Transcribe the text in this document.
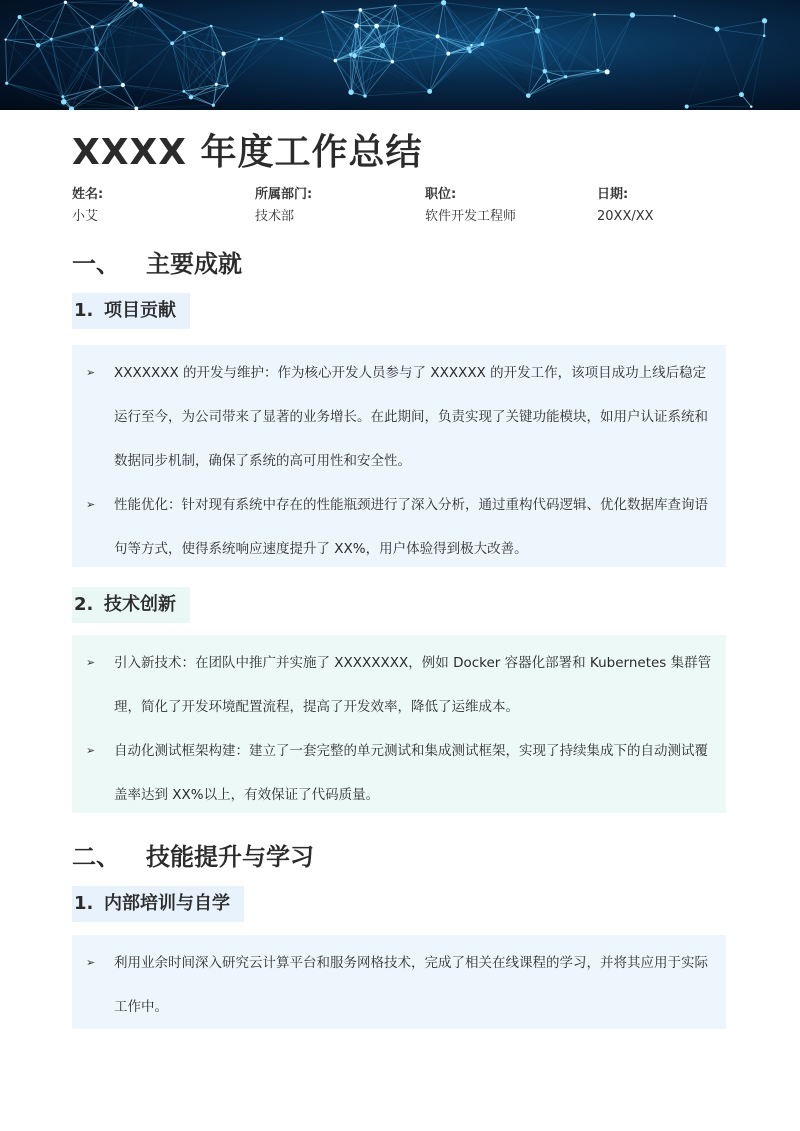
XXXX 年度工作总结
姓名:
小艾
所属部门:
技术部
职位:
软件开发工程师
日期:
20XX/XX
一、 主要成就
1. 项目贡献
➢ XXXXXXX 的开发与维护：作为核心开发人员参与了 XXXXXX 的开发工作，该项目成功上线后稳定运行至今，为公司带来了显著的业务增长。在此期间，负责实现了关键功能模块，如用户认证系统和数据同步机制，确保了系统的高可用性和安全性。
➢ 性能优化：针对现有系统中存在的性能瓶颈进行了深入分析，通过重构代码逻辑、优化数据库查询语句等方式，使得系统响应速度提升了 XX%，用户体验得到极大改善。
2. 技术创新
➢ 引入新技术：在团队中推广并实施了 XXXXXXXX，例如 Docker 容器化部署和 Kubernetes 集群管理，简化了开发环境配置流程，提高了开发效率，降低了运维成本。
➢ 自动化测试框架构建：建立了一套完整的单元测试和集成测试框架，实现了持续集成下的自动测试覆盖率达到 XX%以上，有效保证了代码质量。
二、 技能提升与学习
1. 内部培训与自学
➢ 利用业余时间深入研究云计算平台和服务网格技术，完成了相关在线课程的学习，并将其应用于实际工作中。
